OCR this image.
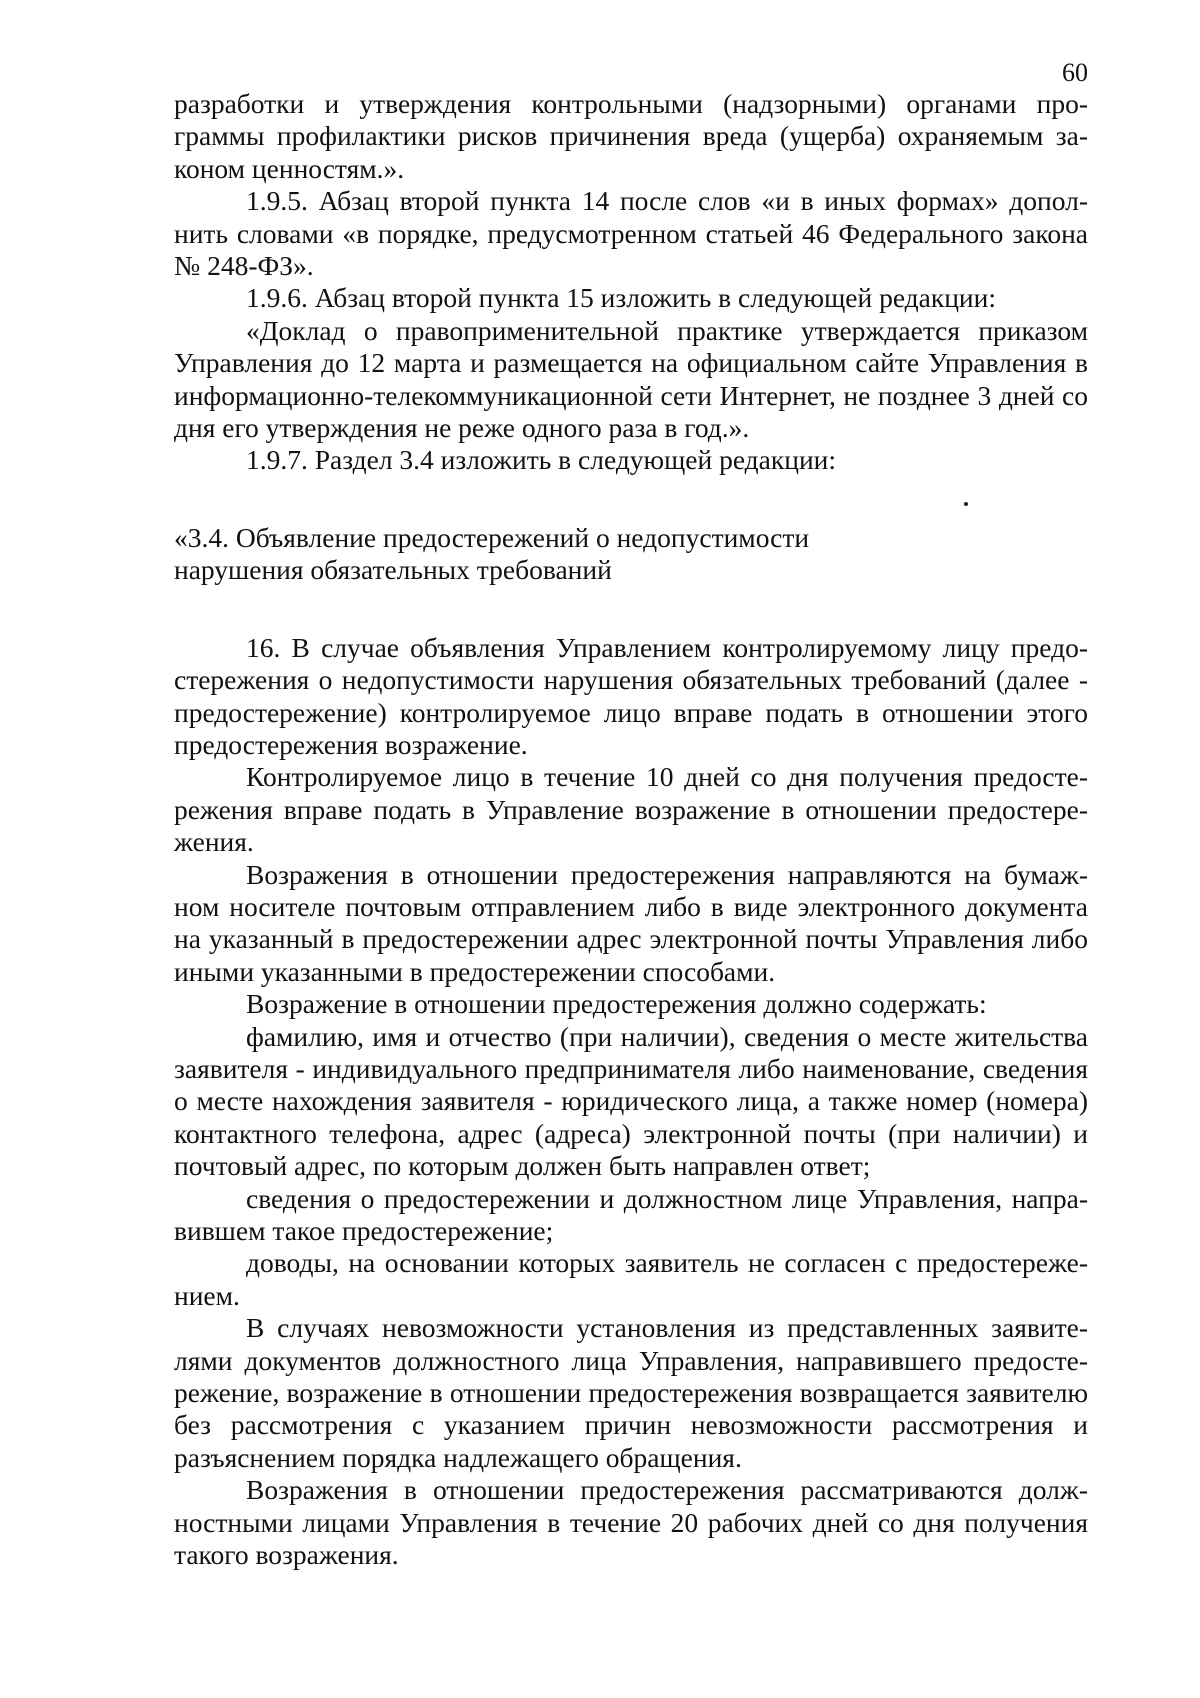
60

разработки и утверждения контрольными (надзорными) органами программы профилактики рисков причинения вреда (ущерба) охраняемым законом ценностям.».

1.9.5. Абзац второй пункта 14 после слов «и в иных формах» дополнить словами «в порядке, предусмотренном статьей 46 Федерального закона № 248-ФЗ».

1.9.6. Абзац второй пункта 15 изложить в следующей редакции:

«Доклад о правоприменительной практике утверждается приказом Управления до 12 марта и размещается на официальном сайте Управления в информационно-телекоммуникационной сети Интернет, не позднее 3 дней со дня его утверждения не реже одного раза в год.».

1.9.7. Раздел 3.4 изложить в следующей редакции:

«3.4. Объявление предостережений о недопустимости

нарушения обязательных требований

16. В случае объявления Управлением контролируемому лицу предостережения о недопустимости нарушения обязательных требований (далее - предостережение) контролируемое лицо вправе подать в отношении этого предостережения возражение.

Контролируемое лицо в течение 10 дней со дня получения предостережения вправе подать в Управление возражение в отношении предостережения.

Возражения в отношении предостережения направляются на бумажном носителе почтовым отправлением либо в виде электронного документа на указанный в предостережении адрес электронной почты Управления либо иными указанными в предостережении способами.

Возражение в отношении предостережения должно содержать:

фамилию, имя и отчество (при наличии), сведения о месте жительства заявителя - индивидуального предпринимателя либо наименование, сведения о месте нахождения заявителя - юридического лица, а также номер (номера) контактного телефона, адрес (адреса) электронной почты (при наличии) и почтовый адрес, по которым должен быть направлен ответ;

сведения о предостережении и должностном лице Управления, направившем такое предостережение;

доводы, на основании которых заявитель не согласен с предостережением.

В случаях невозможности установления из представленных заявителями документов должностного лица Управления, направившего предостережение, возражение в отношении предостережения возвращается заявителю без рассмотрения с указанием причин невозможности рассмотрения и разъяснением порядка надлежащего обращения.

Возражения в отношении предостережения рассматриваются должностными лицами Управления в течение 20 рабочих дней со дня получения такого возражения.
